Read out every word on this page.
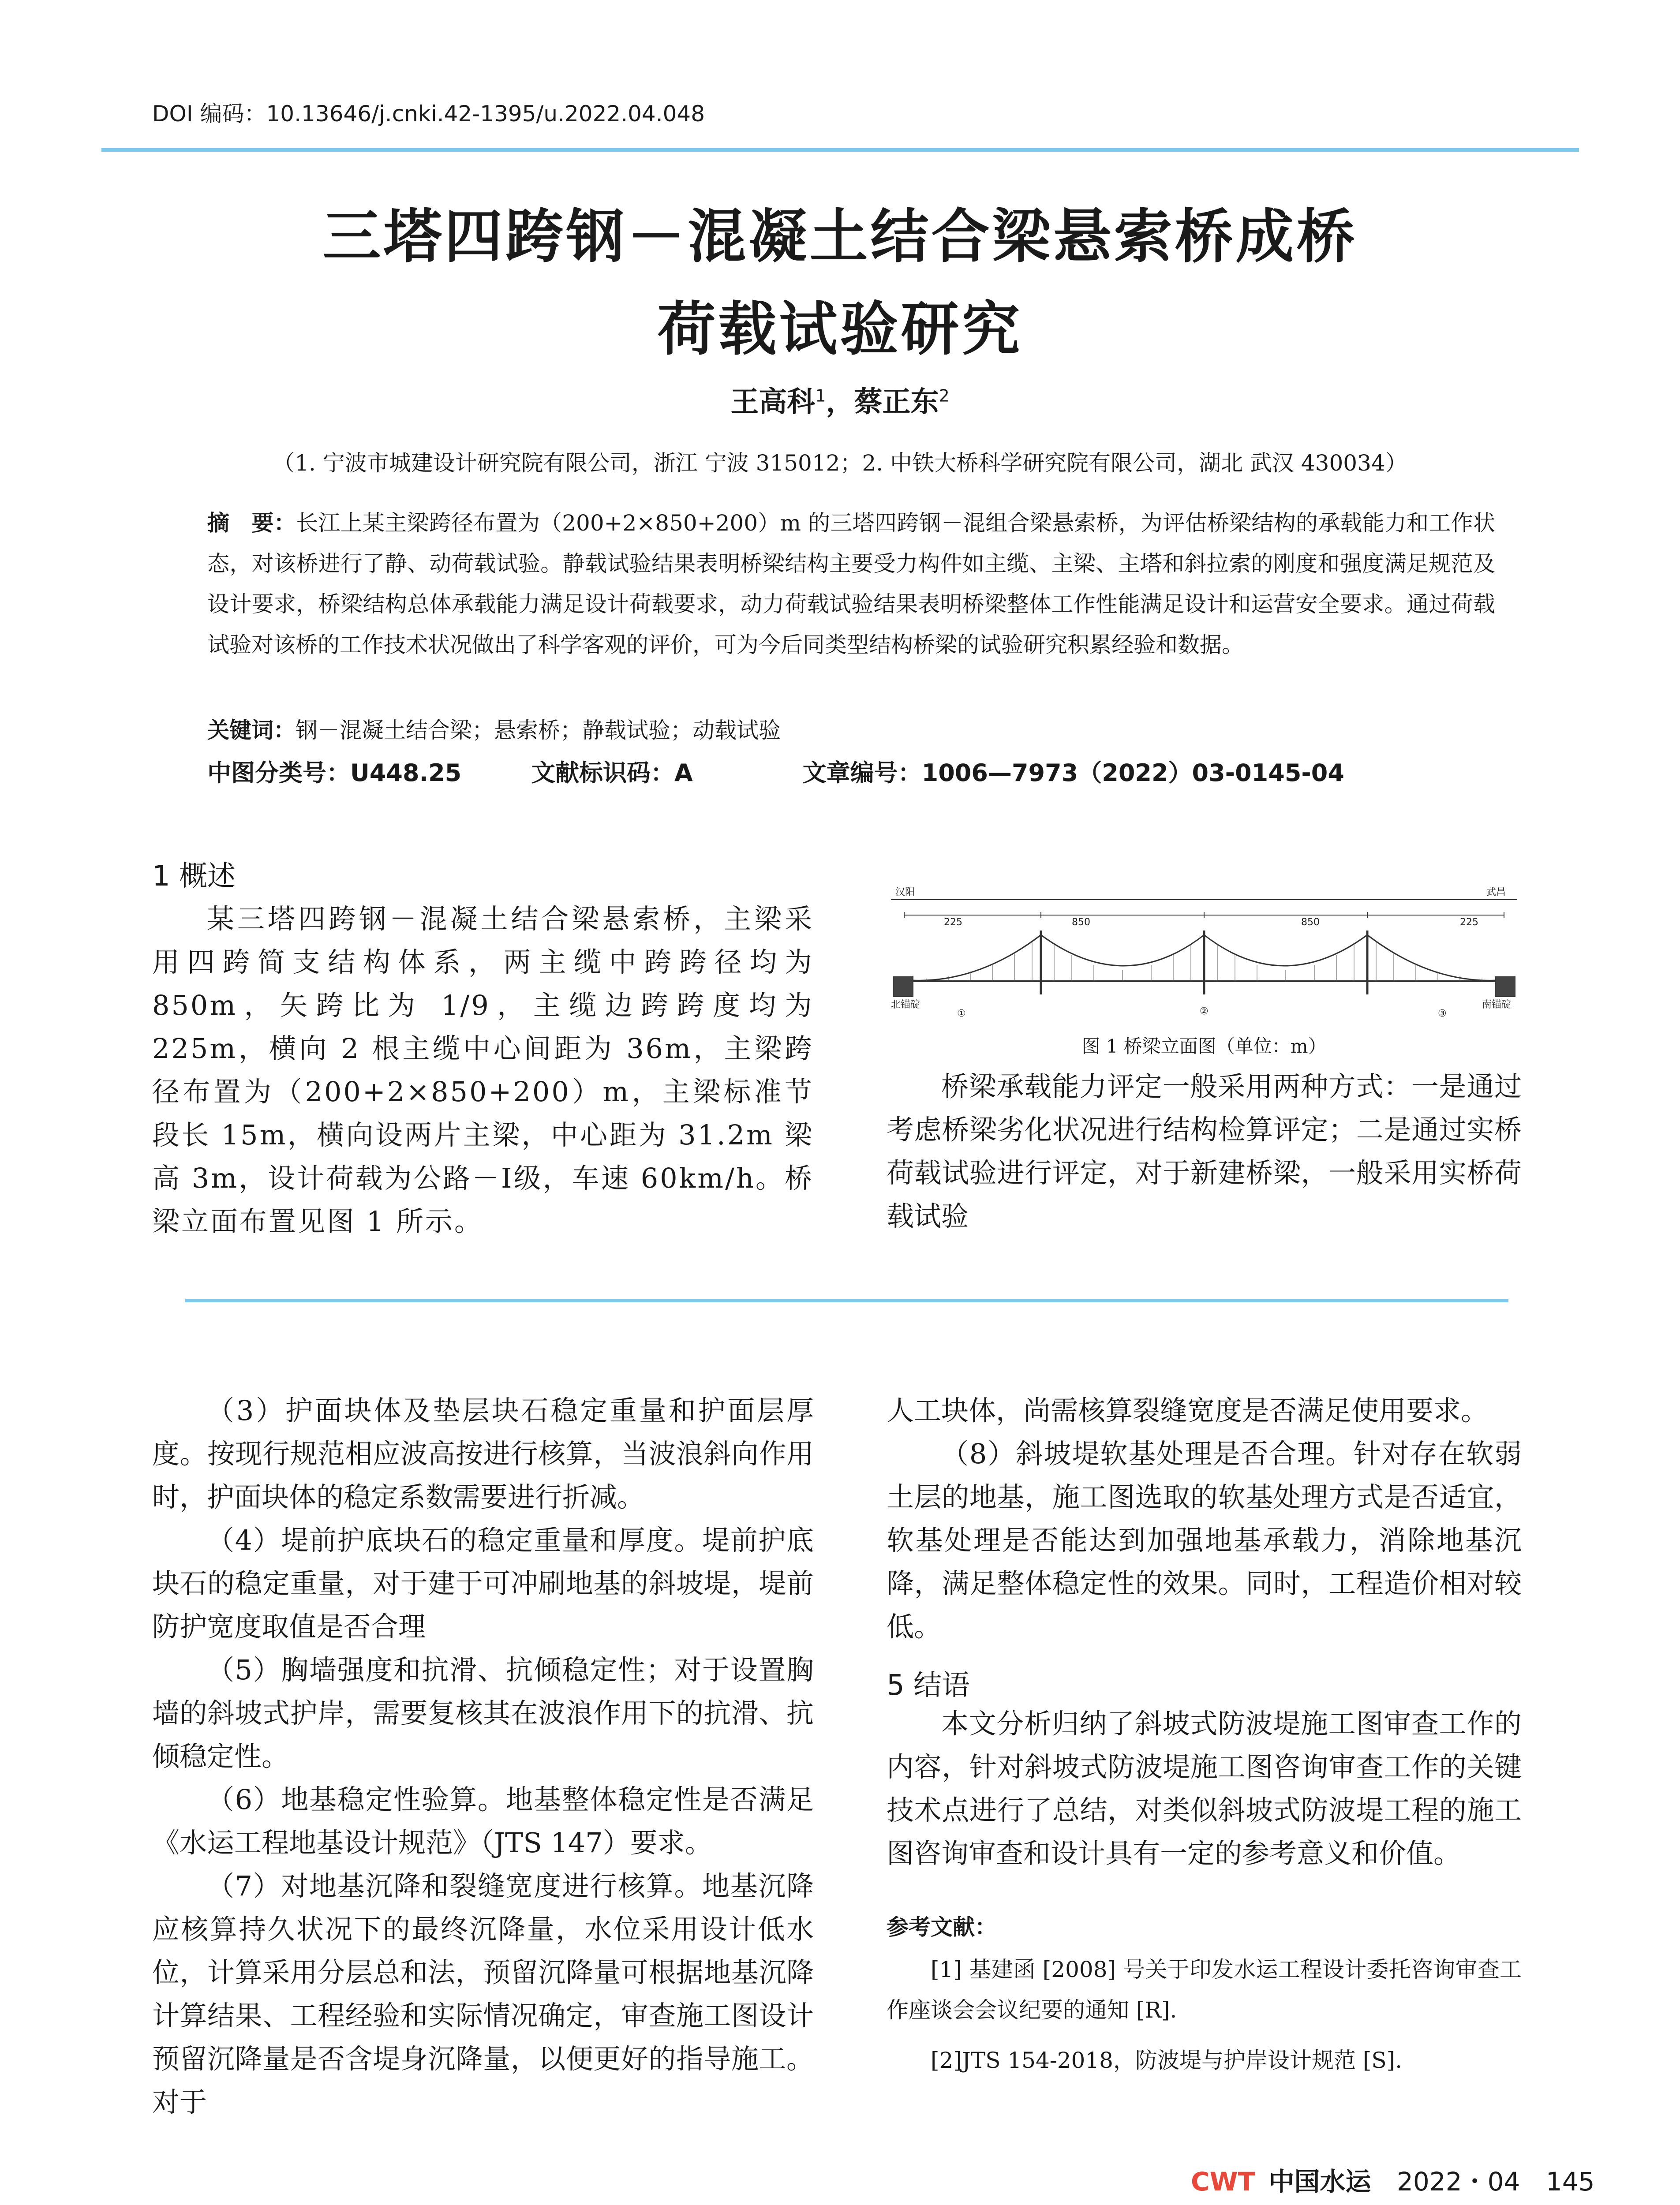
DOI 编码：10.13646/j.cnki.42-1395/u.2022.04.048
三塔四跨钢－混凝土结合梁悬索桥成桥
荷载试验研究
王高科$^1$，蔡正东$^2$
（1. 宁波市城建设计研究院有限公司，浙江 宁波 315012；2. 中铁大桥科学研究院有限公司，湖北 武汉 430034）
摘　要：长江上某主梁跨径布置为（200+2×850+200）m 的三塔四跨钢－混组合梁悬索桥，为评估桥梁结构的承载能力和工作状态，对该桥进行了静、动荷载试验。静载试验结果表明桥梁结构主要受力构件如主缆、主梁、主塔和斜拉索的刚度和强度满足规范及设计要求，桥梁结构总体承载能力满足设计荷载要求，动力荷载试验结果表明桥梁整体工作性能满足设计和运营安全要求。通过荷载试验对该桥的工作技术状况做出了科学客观的评价，可为今后同类型结构桥梁的试验研究积累经验和数据。
关键词：钢－混凝土结合梁；悬索桥；静载试验；动载试验
中图分类号：U448.25	文献标识码：A	文章编号：1006—7973（2022）03-0145-04
1 概述

某三塔四跨钢－混凝土结合梁悬索桥，主梁采用四跨简支结构体系，两主缆中跨跨径均为 850m，矢跨比为 1/9，主缆边跨跨度均为 225m，横向 2 根主缆中心间距为 36m，主梁跨径布置为（200+2×850+200）m，主梁标准节段长 15m，横向设两片主梁，中心距为 31.2m 梁高 3m，设计荷载为公路－Ⅰ级，车速 60km/h。桥梁立面布置见图 1 所示。

汉阳	武昌
225	850	850	225
北锚碇	南锚碇
①	②	③
图 1 桥梁立面图（单位：m）

桥梁承载能力评定一般采用两种方式：一是通过考虑桥梁劣化状况进行结构检算评定；二是通过实桥荷载试验进行评定，对于新建桥梁，一般采用实桥荷载试验

（3）护面块体及垫层块石稳定重量和护面层厚度。按现行规范相应波高按进行核算，当波浪斜向作用时，护面块体的稳定系数需要进行折减。

（4）堤前护底块石的稳定重量和厚度。堤前护底块石的稳定重量，对于建于可冲刷地基的斜坡堤，堤前防护宽度取值是否合理

（5）胸墙强度和抗滑、抗倾稳定性；对于设置胸墙的斜坡式护岸，需要复核其在波浪作用下的抗滑、抗倾稳定性。

（6）地基稳定性验算。地基整体稳定性是否满足《水运工程地基设计规范》（JTS 147）要求。

（7）对地基沉降和裂缝宽度进行核算。地基沉降应核算持久状况下的最终沉降量，水位采用设计低水位，计算采用分层总和法，预留沉降量可根据地基沉降计算结果、工程经验和实际情况确定，审查施工图设计预留沉降量是否含堤身沉降量，以便更好的指导施工。对于

人工块体，尚需核算裂缝宽度是否满足使用要求。

（8）斜坡堤软基处理是否合理。针对存在软弱土层的地基，施工图选取的软基处理方式是否适宜，软基处理是否能达到加强地基承载力，消除地基沉降，满足整体稳定性的效果。同时，工程造价相对较低。

5 结语

本文分析归纳了斜坡式防波堤施工图审查工作的内容，针对斜坡式防波堤施工图咨询审查工作的关键技术点进行了总结，对类似斜坡式防波堤工程的施工图咨询审查和设计具有一定的参考意义和价值。

参考文献：

[1] 基建函 [2008] 号关于印发水运工程设计委托咨询审查工作座谈会会议纪要的通知 [R].

[2]JTS 154-2018，防波堤与护岸设计规范 [S].

CWT 中国水运 2022・04 145
